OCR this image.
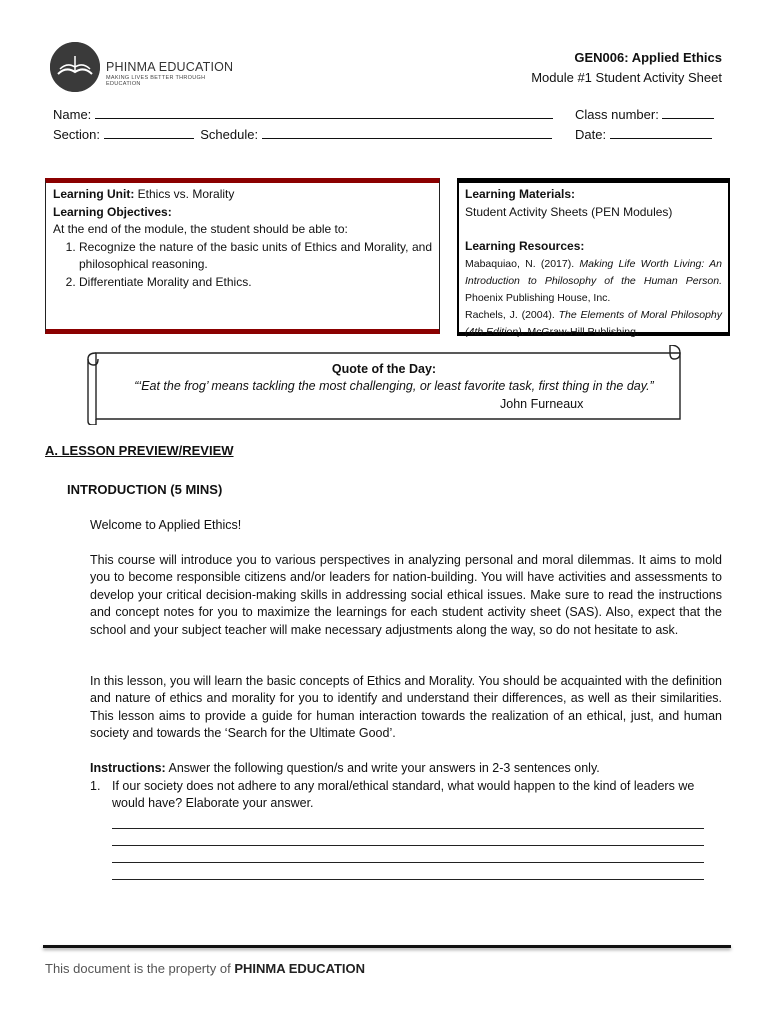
PHINMA EDUCATION
MAKING LIVES BETTER THROUGH EDUCATION
GEN006: Applied Ethics
Module #1 Student Activity Sheet
Name:	Class number:
Section:	Schedule:	Date:
Learning Unit: Ethics vs. Morality
Learning Objectives:
At the end of the module, the student should be able to:
1. Recognize the nature of the basic units of Ethics and Morality, and philosophical reasoning.
2. Differentiate Morality and Ethics.
Learning Materials:
Student Activity Sheets (PEN Modules)
Learning Resources:
Mabaquiao, N. (2017). Making Life Worth Living: An Introduction to Philosophy of the Human Person. Phoenix Publishing House, Inc.
Rachels, J. (2004). The Elements of Moral Philosophy (4th Edition). McGraw-Hill Publishing.
Quote of the Day:
“‘Eat the frog’ means tackling the most challenging, or least favorite task, first thing in the day.”
John Furneaux
A. LESSON PREVIEW/REVIEW
INTRODUCTION (5 MINS)
Welcome to Applied Ethics!
This course will introduce you to various perspectives in analyzing personal and moral dilemmas. It aims to mold you to become responsible citizens and/or leaders for nation-building. You will have activities and assessments to develop your critical decision-making skills in addressing social ethical issues. Make sure to read the instructions and concept notes for you to maximize the learnings for each student activity sheet (SAS). Also, expect that the school and your subject teacher will make necessary adjustments along the way, so do not hesitate to ask.
In this lesson, you will learn the basic concepts of Ethics and Morality. You should be acquainted with the definition and nature of ethics and morality for you to identify and understand their differences, as well as their similarities. This lesson aims to provide a guide for human interaction towards the realization of an ethical, just, and human society and towards the ‘Search for the Ultimate Good’.
Instructions: Answer the following question/s and write your answers in 2-3 sentences only.
1. If our society does not adhere to any moral/ethical standard, what would happen to the kind of leaders we would have? Elaborate your answer.
This document is the property of PHINMA EDUCATION
